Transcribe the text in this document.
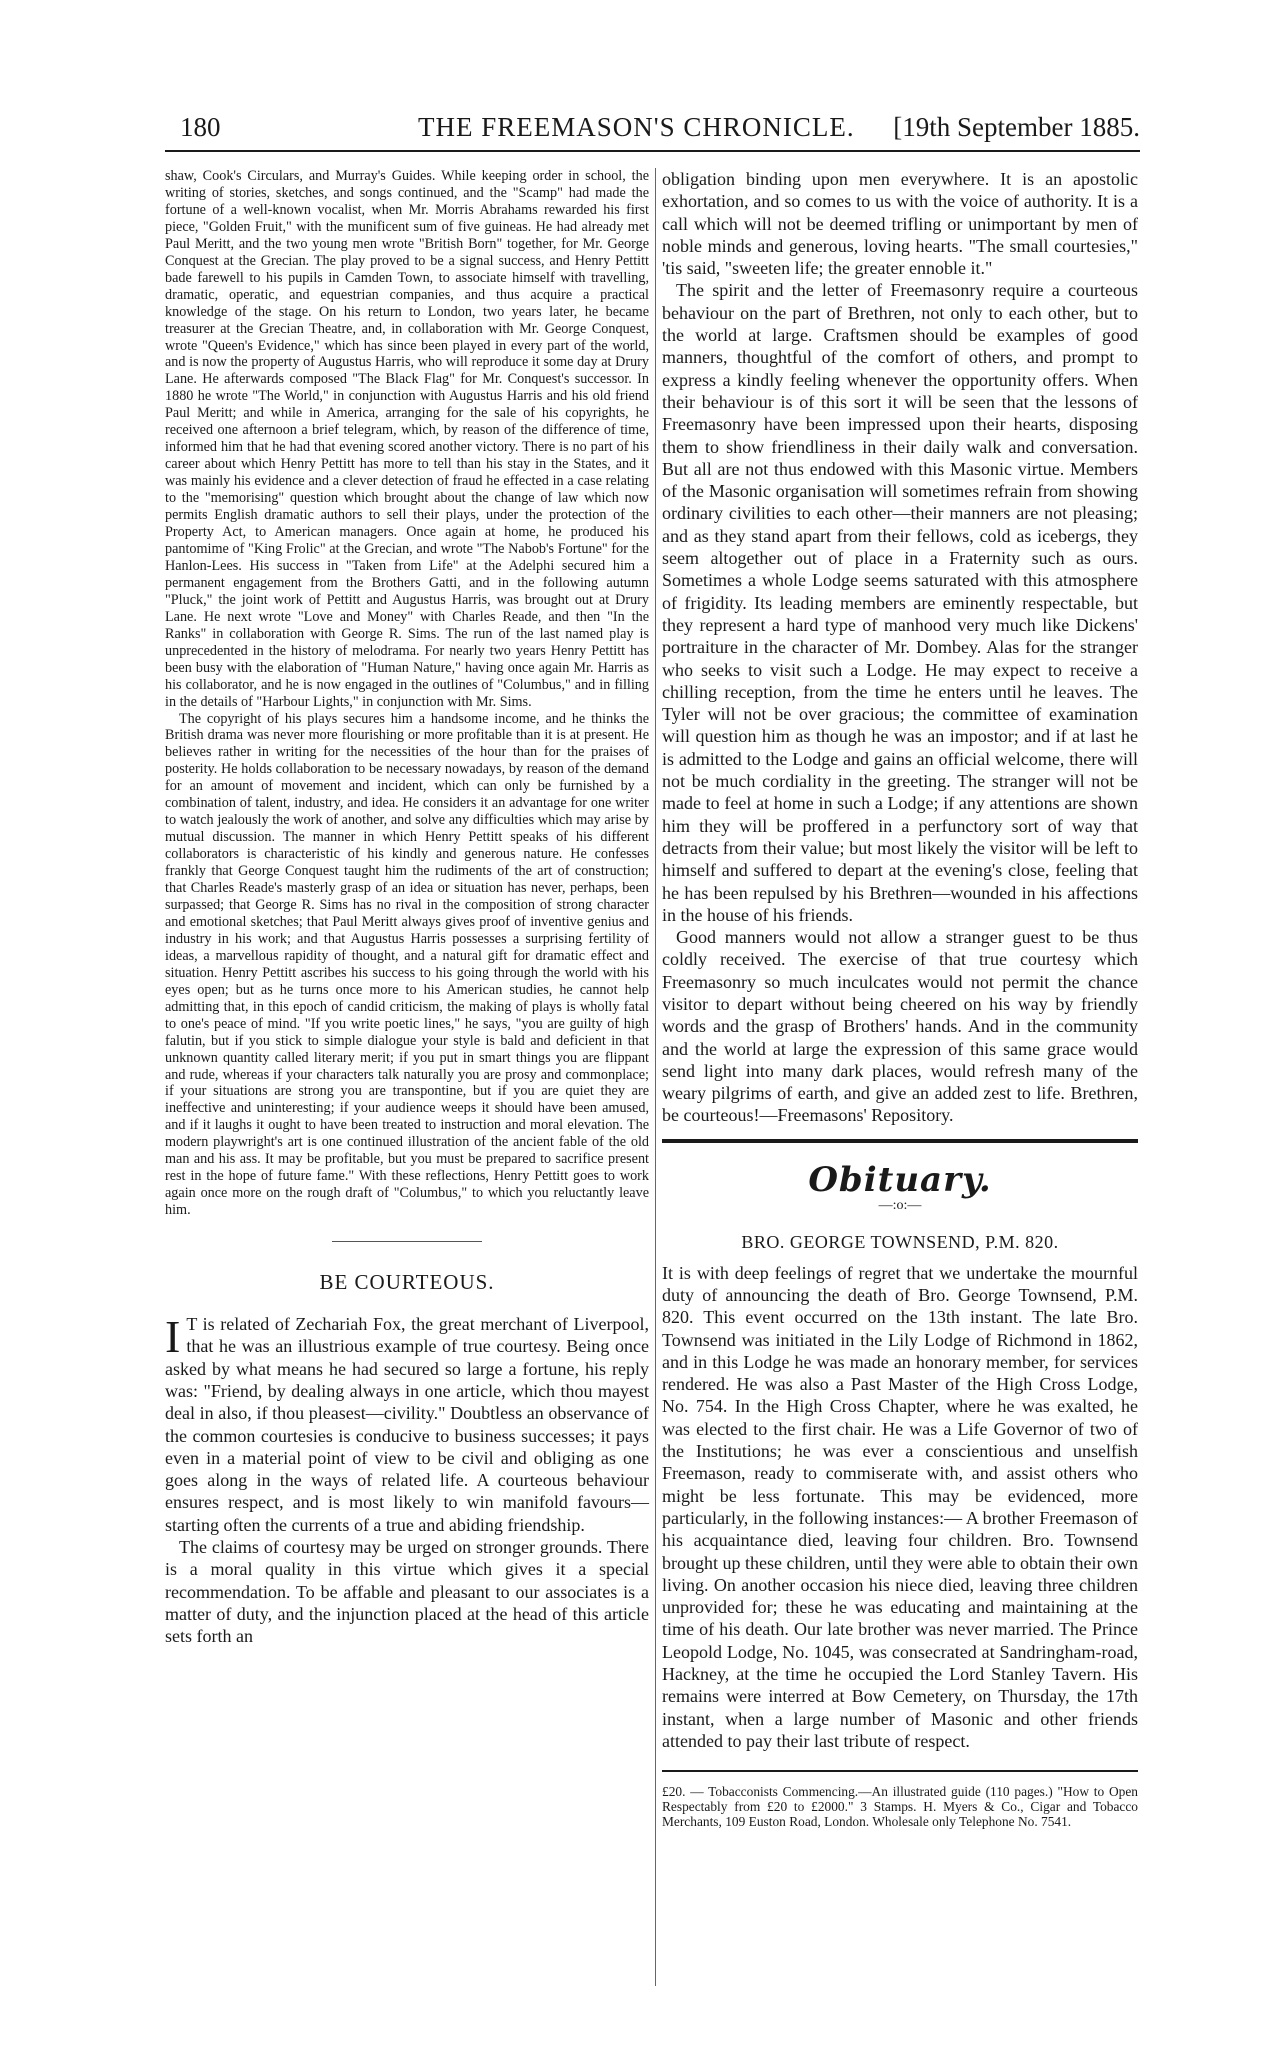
180	THE FREEMASON'S CHRONICLE. [19th September 1885.

shaw, Cook's Circulars, and Murray's Guides. While keeping order in school, the writing of stories, sketches, and songs continued, and the "Scamp" had made the fortune of a well-known vocalist, when Mr. Morris Abrahams rewarded his first piece, "Golden Fruit," with the munificent sum of five guineas. He had already met Paul Meritt, and the two young men wrote "British Born" together, for Mr. George Conquest at the Grecian. The play proved to be a signal success, and Henry Pettitt bade farewell to his pupils in Camden Town, to associate himself with travelling, dramatic, operatic, and equestrian companies, and thus acquire a practical knowledge of the stage. On his return to London, two years later, he became treasurer at the Grecian Theatre, and, in collaboration with Mr. George Conquest, wrote "Queen's Evidence," which has since been played in every part of the world, and is now the property of Augustus Harris, who will reproduce it some day at Drury Lane. He afterwards composed "The Black Flag" for Mr. Conquest's successor. In 1880 he wrote "The World," in conjunction with Augustus Harris and his old friend Paul Meritt; and while in America, arranging for the sale of his copyrights, he received one afternoon a brief telegram, which, by reason of the difference of time, informed him that he had that evening scored another victory. There is no part of his career about which Henry Pettitt has more to tell than his stay in the States, and it was mainly his evidence and a clever detection of fraud he effected in a case relating to the "memorising" question which brought about the change of law which now permits English dramatic authors to sell their plays, under the protection of the Property Act, to American managers. Once again at home, he produced his pantomime of "King Frolic" at the Grecian, and wrote "The Nabob's Fortune" for the Hanlon-Lees. His success in "Taken from Life" at the Adelphi secured him a permanent engagement from the Brothers Gatti, and in the following autumn "Pluck," the joint work of Pettitt and Augustus Harris, was brought out at Drury Lane. He next wrote "Love and Money" with Charles Reade, and then "In the Ranks" in collaboration with George R. Sims. The run of the last named play is unprecedented in the history of melodrama. For nearly two years Henry Pettitt has been busy with the elaboration of "Human Nature," having once again Mr. Harris as his collaborator, and he is now engaged in the outlines of "Columbus," and in filling in the details of "Harbour Lights," in conjunction with Mr. Sims.

The copyright of his plays secures him a handsome income, and he thinks the British drama was never more flourishing or more profitable than it is at present. He believes rather in writing for the necessities of the hour than for the praises of posterity. He holds collaboration to be necessary nowadays, by reason of the demand for an amount of movement and incident, which can only be furnished by a combination of talent, industry, and idea. He considers it an advantage for one writer to watch jealously the work of another, and solve any difficulties which may arise by mutual discussion. The manner in which Henry Pettitt speaks of his different collaborators is characteristic of his kindly and generous nature. He confesses frankly that George Conquest taught him the rudiments of the art of construction; that Charles Reade's masterly grasp of an idea or situation has never, perhaps, been surpassed; that George R. Sims has no rival in the composition of strong character and emotional sketches; that Paul Meritt always gives proof of inventive genius and industry in his work; and that Augustus Harris possesses a surprising fertility of ideas, a marvellous rapidity of thought, and a natural gift for dramatic effect and situation. Henry Pettitt ascribes his success to his going through the world with his eyes open; but as he turns once more to his American studies, he cannot help admitting that, in this epoch of candid criticism, the making of plays is wholly fatal to one's peace of mind. "If you write poetic lines," he says, "you are guilty of high falutin, but if you stick to simple dialogue your style is bald and deficient in that unknown quantity called literary merit; if you put in smart things you are flippant and rude, whereas if your characters talk naturally you are prosy and commonplace; if your situations are strong you are transpontine, but if you are quiet they are ineffective and uninteresting; if your audience weeps it should have been amused, and if it laughs it ought to have been treated to instruction and moral elevation. The modern playwright's art is one continued illustration of the ancient fable of the old man and his ass. It may be profitable, but you must be prepared to sacrifice present rest in the hope of future fame." With these reflections, Henry Pettitt goes to work again once more on the rough draft of "Columbus," to which you reluctantly leave him.

BE COURTEOUS.

I T is related of Zechariah Fox, the great merchant of Liverpool, that he was an illustrious example of true courtesy. Being once asked by what means he had secured so large a fortune, his reply was: "Friend, by dealing always in one article, which thou mayest deal in also, if thou pleasest—civility." Doubtless an observance of the common courtesies is conducive to business successes; it pays even in a material point of view to be civil and obliging as one goes along in the ways of related life. A courteous behaviour ensures respect, and is most likely to win manifold favours—starting often the currents of a true and abiding friendship.

The claims of courtesy may be urged on stronger grounds. There is a moral quality in this virtue which gives it a special recommendation. To be affable and pleasant to our associates is a matter of duty, and the injunction placed at the head of this article sets forth an

obligation binding upon men everywhere. It is an apostolic exhortation, and so comes to us with the voice of authority. It is a call which will not be deemed trifling or unimportant by men of noble minds and generous, loving hearts. "The small courtesies," 'tis said, "sweeten life; the greater ennoble it."

The spirit and the letter of Freemasonry require a courteous behaviour on the part of Brethren, not only to each other, but to the world at large. Craftsmen should be examples of good manners, thoughtful of the comfort of others, and prompt to express a kindly feeling whenever the opportunity offers. When their behaviour is of this sort it will be seen that the lessons of Freemasonry have been impressed upon their hearts, disposing them to show friendliness in their daily walk and conversation. But all are not thus endowed with this Masonic virtue. Members of the Masonic organisation will sometimes refrain from showing ordinary civilities to each other—their manners are not pleasing; and as they stand apart from their fellows, cold as icebergs, they seem altogether out of place in a Fraternity such as ours. Sometimes a whole Lodge seems saturated with this atmosphere of frigidity. Its leading members are eminently respectable, but they represent a hard type of manhood very much like Dickens' portraiture in the character of Mr. Dombey. Alas for the stranger who seeks to visit such a Lodge. He may expect to receive a chilling reception, from the time he enters until he leaves. The Tyler will not be over gracious; the committee of examination will question him as though he was an impostor; and if at last he is admitted to the Lodge and gains an official welcome, there will not be much cordiality in the greeting. The stranger will not be made to feel at home in such a Lodge; if any attentions are shown him they will be proffered in a perfunctory sort of way that detracts from their value; but most likely the visitor will be left to himself and suffered to depart at the evening's close, feeling that he has been repulsed by his Brethren—wounded in his affections in the house of his friends.

Good manners would not allow a stranger guest to be thus coldly received. The exercise of that true courtesy which Freemasonry so much inculcates would not permit the chance visitor to depart without being cheered on his way by friendly words and the grasp of Brothers' hands. And in the community and the world at large the expression of this same grace would send light into many dark places, would refresh many of the weary pilgrims of earth, and give an added zest to life. Brethren, be courteous!—Freemasons' Repository.

Obituary.
—:o:—
BRO. GEORGE TOWNSEND, P.M. 820.

It is with deep feelings of regret that we undertake the mournful duty of announcing the death of Bro. George Townsend, P.M. 820. This event occurred on the 13th instant. The late Bro. Townsend was initiated in the Lily Lodge of Richmond in 1862, and in this Lodge he was made an honorary member, for services rendered. He was also a Past Master of the High Cross Lodge, No. 754. In the High Cross Chapter, where he was exalted, he was elected to the first chair. He was a Life Governor of two of the Institutions; he was ever a conscientious and unselfish Freemason, ready to commiserate with, and assist others who might be less fortunate. This may be evidenced, more particularly, in the following instances:— A brother Freemason of his acquaintance died, leaving four children. Bro. Townsend brought up these children, until they were able to obtain their own living. On another occasion his niece died, leaving three children unprovided for; these he was educating and maintaining at the time of his death. Our late brother was never married. The Prince Leopold Lodge, No. 1045, was consecrated at Sandringham-road, Hackney, at the time he occupied the Lord Stanley Tavern. His remains were interred at Bow Cemetery, on Thursday, the 17th instant, when a large number of Masonic and other friends attended to pay their last tribute of respect.

£20. — Tobacconists Commencing.—An illustrated guide (110 pages.) "How to Open Respectably from £20 to £2000." 3 Stamps. H. Myers & Co., Cigar and Tobacco Merchants, 109 Euston Road, London. Wholesale only Telephone No. 7541.
